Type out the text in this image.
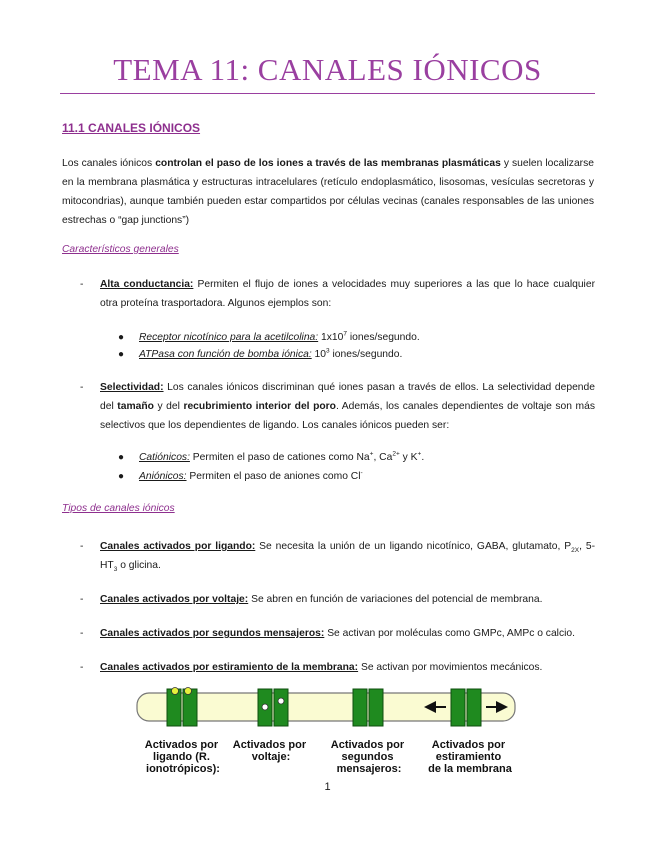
TEMA 11: CANALES IÓNICOS
11.1 CANALES IÓNICOS

Los canales iónicos controlan el paso de los iones a través de las membranas plasmáticas y suelen localizarse en la membrana plasmática y estructuras intracelulares (retículo endoplasmático, lisosomas, vesículas secretoras y mitocondrias), aunque también pueden estar compartidos por células vecinas (canales responsables de las uniones estrechas o “gap junctions”)

Característicos generales

- Alta conductancia: Permiten el flujo de iones a velocidades muy superiores a las que lo hace cualquier otra proteína trasportadora. Algunos ejemplos son:
● Receptor nicotínico para la acetilcolina: $1x10^7$ iones/segundo.
● ATPasa con función de bomba iónica: $10^3$ iones/segundo.
- Selectividad: Los canales iónicos discriminan qué iones pasan a través de ellos. La selectividad depende del tamaño y del recubrimiento interior del poro. Además, los canales dependientes de voltaje son más selectivos que los dependientes de ligando. Los canales iónicos pueden ser:
● Catiónicos: Permiten el paso de cationes como Na+, $Ca^{2+}$ y K+.
● Aniónicos: Permiten el paso de aniones como Cl-

Tipos de canales iónicos

- Canales activados por ligando: Se necesita la unión de un ligando nicotínico, GABA, glutamato, $P_{2X}$, $5-HT_3$ o glicina.
- Canales activados por voltaje: Se abren en función de variaciones del potencial de membrana.
- Canales activados por segundos mensajeros: Se activan por moléculas como GMPc, AMPc o calcio.
- Canales activados por estiramiento de la membrana: Se activan por movimientos mecánicos.
Activados por ligando (R. ionotrópicos):
Activados por voltaje:
Activados por segundos mensajeros:
Activados por estiramiento de la membrana
1
